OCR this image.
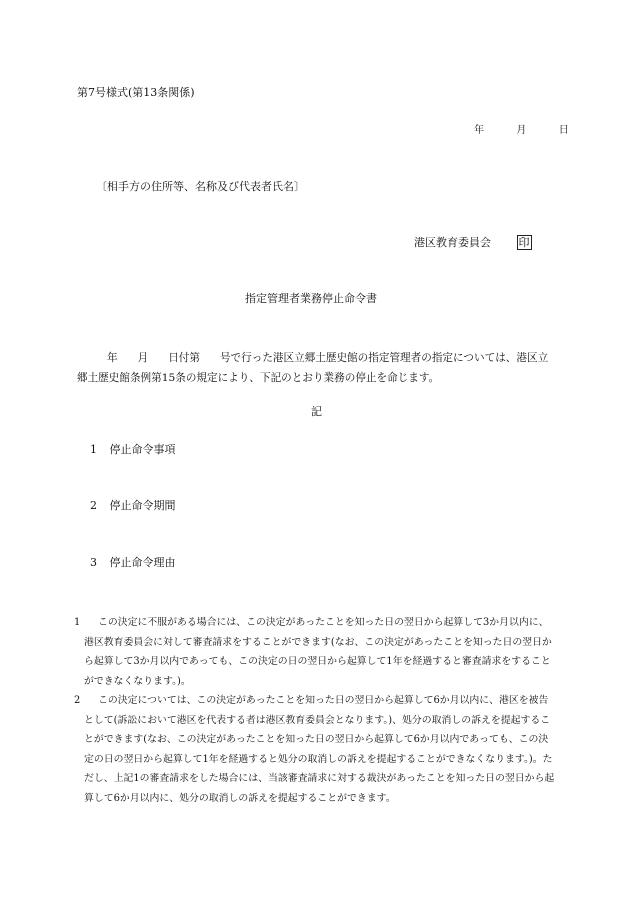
第7号様式(第13条関係)
年	月	日
〔相手方の住所等、名称及び代表者氏名〕
港区教育委員会	印
指定管理者業務停止命令書
年 月 日付第 号で行った港区立郷土歴史館の指定管理者の指定については、港区立郷土歴史館条例第15条の規定により、下記のとおり業務の停止を命じます。
記
1 停止命令事項
2 停止命令期間
3 停止命令理由
1	この決定に不服がある場合には、この決定があったことを知った日の翌日から起算して3か月以内に、港区教育委員会に対して審査請求をすることができます(なお、この決定があったことを知った日の翌日から起算して3か月以内であっても、この決定の日の翌日から起算して1年を経過すると審査請求をすることができなくなります。)。
2	この決定については、この決定があったことを知った日の翌日から起算して6か月以内に、港区を被告として(訴訟において港区を代表する者は港区教育委員会となります。)、処分の取消しの訴えを提起することができます(なお、この決定があったことを知った日の翌日から起算して6か月以内であっても、この決定の日の翌日から起算して1年を経過すると処分の取消しの訴えを提起することができなくなります。)。ただし、上記1の審査請求をした場合には、当該審査請求に対する裁決があったことを知った日の翌日から起算して6か月以内に、処分の取消しの訴えを提起することができます。
